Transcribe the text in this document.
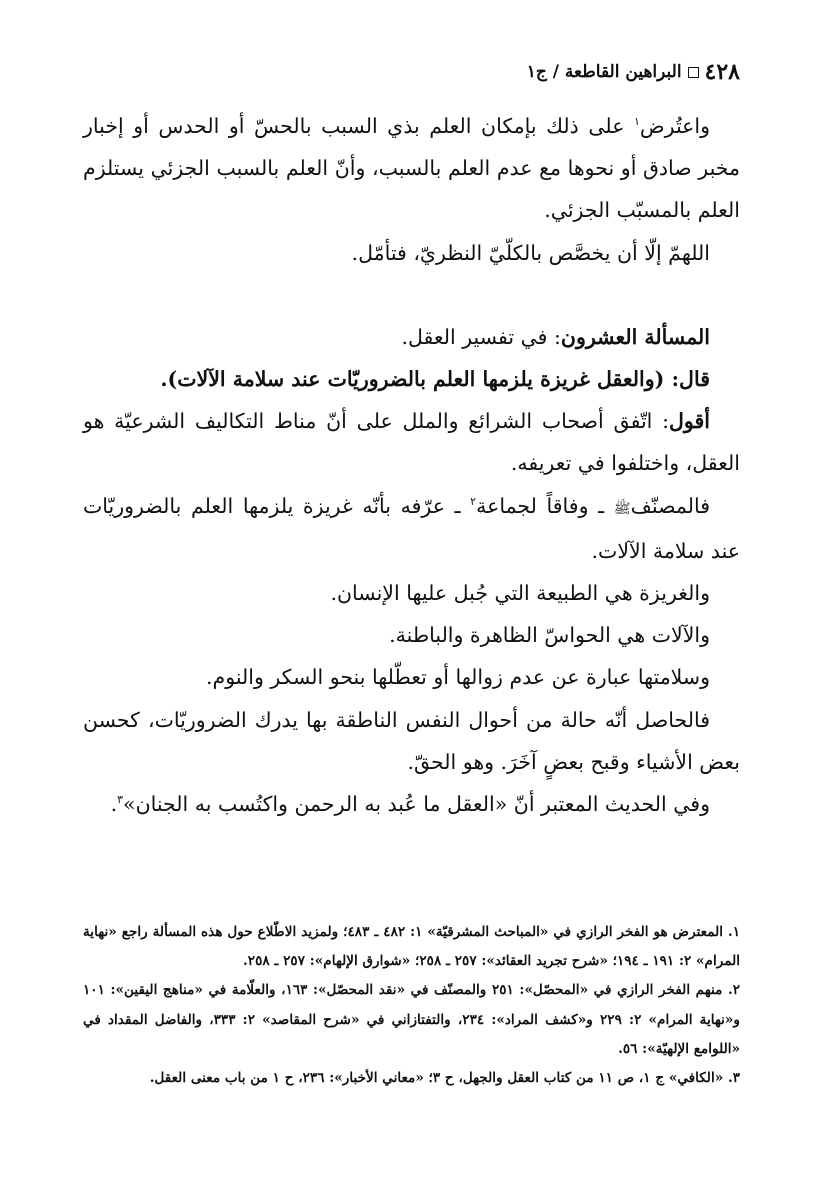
٤٢٨
البراهين القاطعة / ج١

واعتُرض$^١$ على ذلك بإمكان العلم بذي السبب بالحسّ أو الحدس أو إخبار مخبر صادق أو نحوها مع عدم العلم بالسبب، وأنّ العلم بالسبب الجزئي يستلزم العلم بالمسبّب الجزئي.

اللهمّ إلّا أن يخصَّص بالكلّيّ النظريّ، فتأمّل.

المسألة العشرون: في تفسير العقل.

قال: (والعقل غريزة يلزمها العلم بالضروريّات عند سلامة الآلات).

أقول: اتّفق أصحاب الشرائع والملل على أنّ مناط التكاليف الشرعيّة هو العقل، واختلفوا في تعريفه.

فالمصنّفﷺ ـ وفاقاً لجماعة$^٢$ ـ عرّفه بأنّه غريزة يلزمها العلم بالضروريّات عند سلامة الآلات.

والغريزة هي الطبيعة التي جُبل عليها الإنسان.

والآلات هي الحواسّ الظاهرة والباطنة.

وسلامتها عبارة عن عدم زوالها أو تعطّلها بنحو السكر والنوم.

فالحاصل أنّه حالة من أحوال النفس الناطقة بها يدرك الضروريّات، كحسن بعض الأشياء وقبح بعضٍ آخَرَ. وهو الحقّ.

وفي الحديث المعتبر أنّ «العقل ما عُبد به الرحمن واكتُسب به الجنان»$^٣$.

١. المعترض هو الفخر الرازي في «المباحث المشرقيّة» ١: ٤٨٢ ـ ٤٨٣؛ ولمزيد الاطّلاع حول هذه المسألة راجع «نهاية المرام» ٢: ١٩١ ـ ١٩٤؛ «شرح تجريد العقائد»: ٢٥٧ ـ ٢٥٨؛ «شوارق الإلهام»: ٢٥٧ ـ ٢٥٨.

٢. منهم الفخر الرازي في «المحصّل»: ٢٥١ والمصنّف في «نقد المحصّل»: ١٦٣، والعلّامة في «مناهج اليقين»: ١٠١ و«نهاية المرام» ٢: ٢٢٩ و«كشف المراد»: ٢٣٤، والتفتازاني في «شرح المقاصد» ٢: ٣٣٣، والفاضل المقداد في «اللوامع الإلهيّة»: ٥٦.

٣. «الكافي» ج ١، ص ١١ من كتاب العقل والجهل، ح ٣؛ «معاني الأخبار»: ٢٣٦، ح ١ من باب معنى العقل.
